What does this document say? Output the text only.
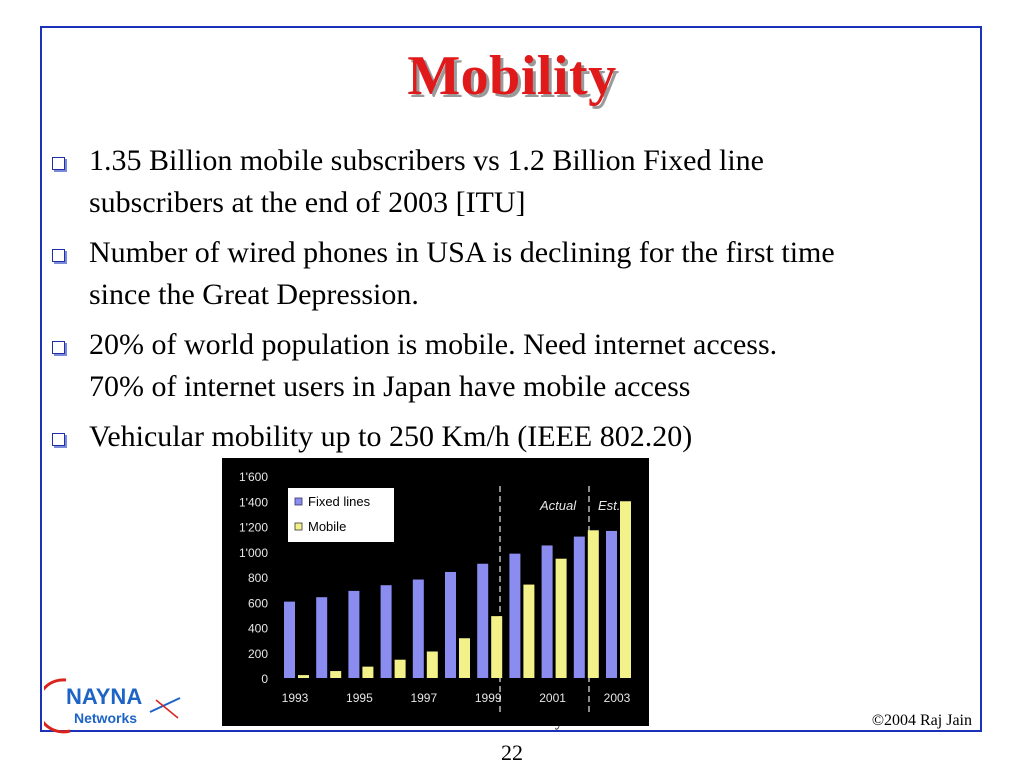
Mobility
1.35 Billion mobile subscribers vs 1.2 Billion Fixed line
subscribers at the end of 2003 [ITU]
Number of wired phones in USA is declining for the first time
since the Great Depression.
20% of world population is mobile. Need internet access.
70% of internet users in Japan have mobile access
Vehicular mobility up to 250 Km/h (IEEE 802.20)
1'600
1'400
1'200
1'000
800
600
400
200
0
1993	1995	1997	1999	2001	2003
Actual Est.
Fixed lines
Mobile
NAYNA
Networks	y	©2004 Raj Jain
22
